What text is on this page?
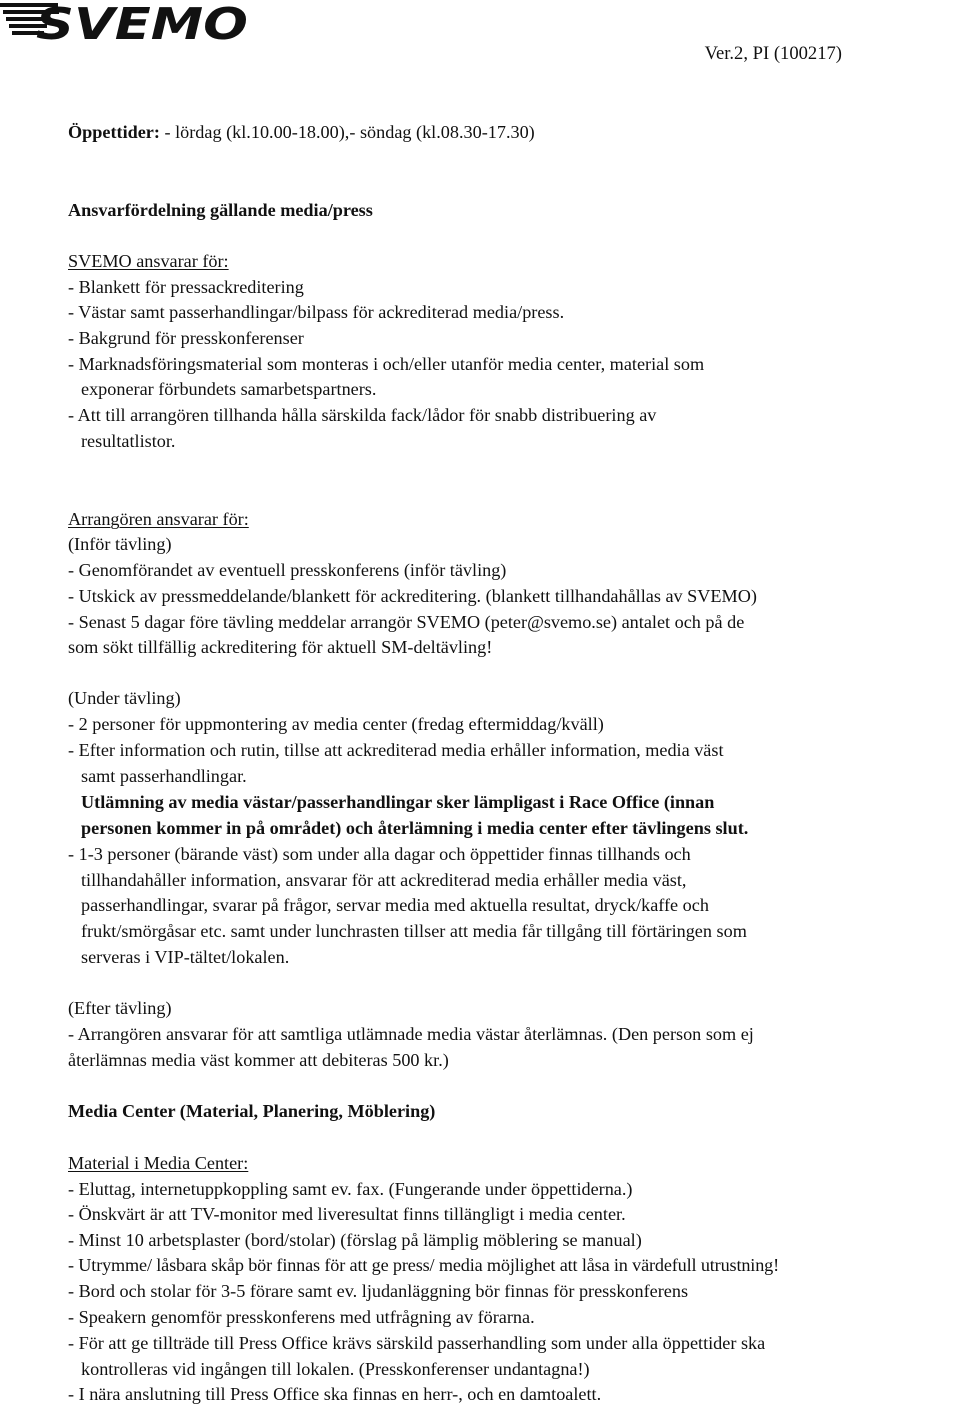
SVEMO
Ver.2, PI (100217)
Öppettider: - lördag (kl.10.00-18.00),- söndag (kl.08.30-17.30)
Ansvarfördelning gällande media/press
SVEMO ansvarar för:
- Blankett för pressackreditering
- Västar samt passerhandlingar/bilpass för ackrediterad media/press.
- Bakgrund för presskonferenser
- Marknadsföringsmaterial som monteras i och/eller utanför media center, material som
exponerar förbundets samarbetspartners.
- Att till arrangören tillhanda hålla särskilda fack/lådor för snabb distribuering av
resultatlistor.
Arrangören ansvarar för:
(Inför tävling)
- Genomförandet av eventuell presskonferens (inför tävling)
- Utskick av pressmeddelande/blankett för ackreditering. (blankett tillhandahållas av SVEMO)
- Senast 5 dagar före tävling meddelar arrangör SVEMO (peter@svemo.se) antalet och på de
som sökt tillfällig ackreditering för aktuell SM-deltävling!
(Under tävling)
- 2 personer för uppmontering av media center (fredag eftermiddag/kväll)
- Efter information och rutin, tillse att ackrediterad media erhåller information, media väst
samt passerhandlingar.
Utlämning av media västar/passerhandlingar sker lämpligast i Race Office (innan
personen kommer in på området) och återlämning i media center efter tävlingens slut.
- 1-3 personer (bärande väst) som under alla dagar och öppettider finnas tillhands och
tillhandahåller information, ansvarar för att ackrediterad media erhåller media väst,
passerhandlingar, svarar på frågor, servar media med aktuella resultat, dryck/kaffe och
frukt/smörgåsar etc. samt under lunchrasten tillser att media får tillgång till förtäringen som
serveras i VIP-tältet/lokalen.
(Efter tävling)
- Arrangören ansvarar för att samtliga utlämnade media västar återlämnas. (Den person som ej
återlämnas media väst kommer att debiteras 500 kr.)
Media Center (Material, Planering, Möblering)
Material i Media Center:
- Eluttag, internetuppkoppling samt ev. fax. (Fungerande under öppettiderna.)
- Önskvärt är att TV-monitor med liveresultat finns tillängligt i media center.
- Minst 10 arbetsplaster (bord/stolar) (förslag på lämplig möblering se manual)
- Utrymme/ låsbara skåp bör finnas för att ge press/ media möjlighet att låsa in värdefull utrustning!
- Bord och stolar för 3-5 förare samt ev. ljudanläggning bör finnas för presskonferens
- Speakern genomför presskonferens med utfrågning av förarna.
- För att ge tillträde till Press Office krävs särskild passerhandling som under alla öppettider ska
kontrolleras vid ingången till lokalen. (Presskonferenser undantagna!)
- I nära anslutning till Press Office ska finnas en herr-, och en damtoalett.
